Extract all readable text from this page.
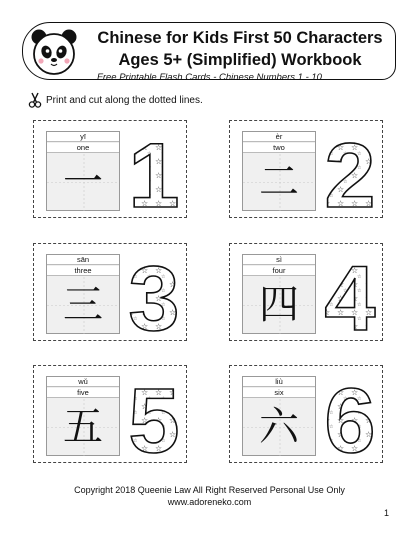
Chinese for Kids First 50 Characters
Ages 5+ (Simplified) Workbook
Free Printable Flash Cards - Chinese Numbers 1 - 10
Print and cut along the dotted lines.
yī
one
一 1	èr
two
二 2
sān
three
三 3	sì
four
四 4
wǔ
five
五 5	liù
six
六 6
Copyright 2018 Queenie Law All Right Reserved Personal Use Only
www.adoreneko.com
1
